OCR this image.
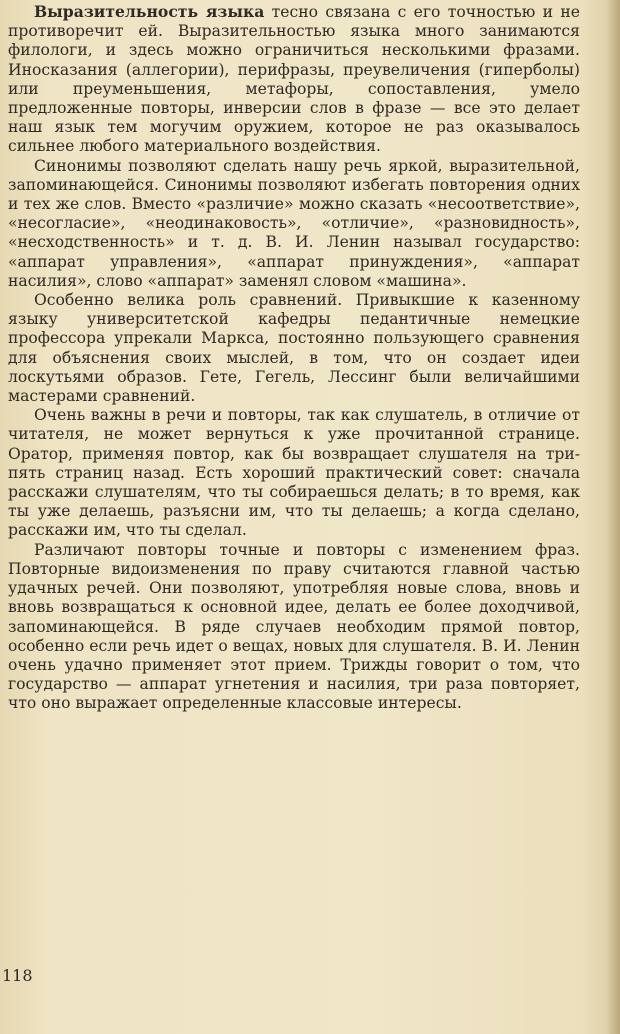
Выразительность языка тесно связана с его точностью и не противоречит ей. Выразительностью языка много занимаются филологи, и здесь можно ограничиться несколькими фразами. Иносказания (аллегории), перифразы, преувеличения (гиперболы) или преуменьшения, метафоры, сопоставления, умело предложенные повторы, инверсии слов в фразе — все это делает наш язык тем могучим оружием, которое не раз оказывалось сильнее любого материального воздействия.

Синонимы позволяют сделать нашу речь яркой, выразительной, запоминающейся. Синонимы позволяют избегать повторения одних и тех же слов. Вместо «различие» можно сказать «несоответствие», «несогласие», «неодинаковость», «отличие», «разновидность», «несходственность» и т. д. В. И. Ленин называл государство: «аппарат управления», «аппарат принуждения», «аппарат насилия», слово «аппарат» заменял словом «машина».

Особенно велика роль сравнений. Привыкшие к казенному языку университетской кафедры педантичные немецкие профессора упрекали Маркса, постоянно пользующего сравнения для объяснения своих мыслей, в том, что он создает идеи лоскутьями образов. Гете, Гегель, Лессинг были величайшими мастерами сравнений.

Очень важны в речи и повторы, так как слушатель, в отличие от читателя, не может вернуться к уже прочитанной странице. Оратор, применяя повтор, как бы возвращает слушателя на три-пять страниц назад. Есть хороший практический совет: сначала расскажи слушателям, что ты собираешься делать; в то время, как ты уже делаешь, разъясни им, что ты делаешь; а когда сделано, расскажи им, что ты сделал.

Различают повторы точные и повторы с изменением фраз. Повторные видоизменения по праву считаются главной частью удачных речей. Они позволяют, употребляя новые слова, вновь и вновь возвращаться к основной идее, делать ее более доходчивой, запоминающейся. В ряде случаев необходим прямой повтор, особенно если речь идет о вещах, новых для слушателя. В. И. Ленин очень удачно применяет этот прием. Трижды говорит о том, что государство — аппарат угнетения и насилия, три раза повторяет, что оно выражает определенные классовые интересы.

118
